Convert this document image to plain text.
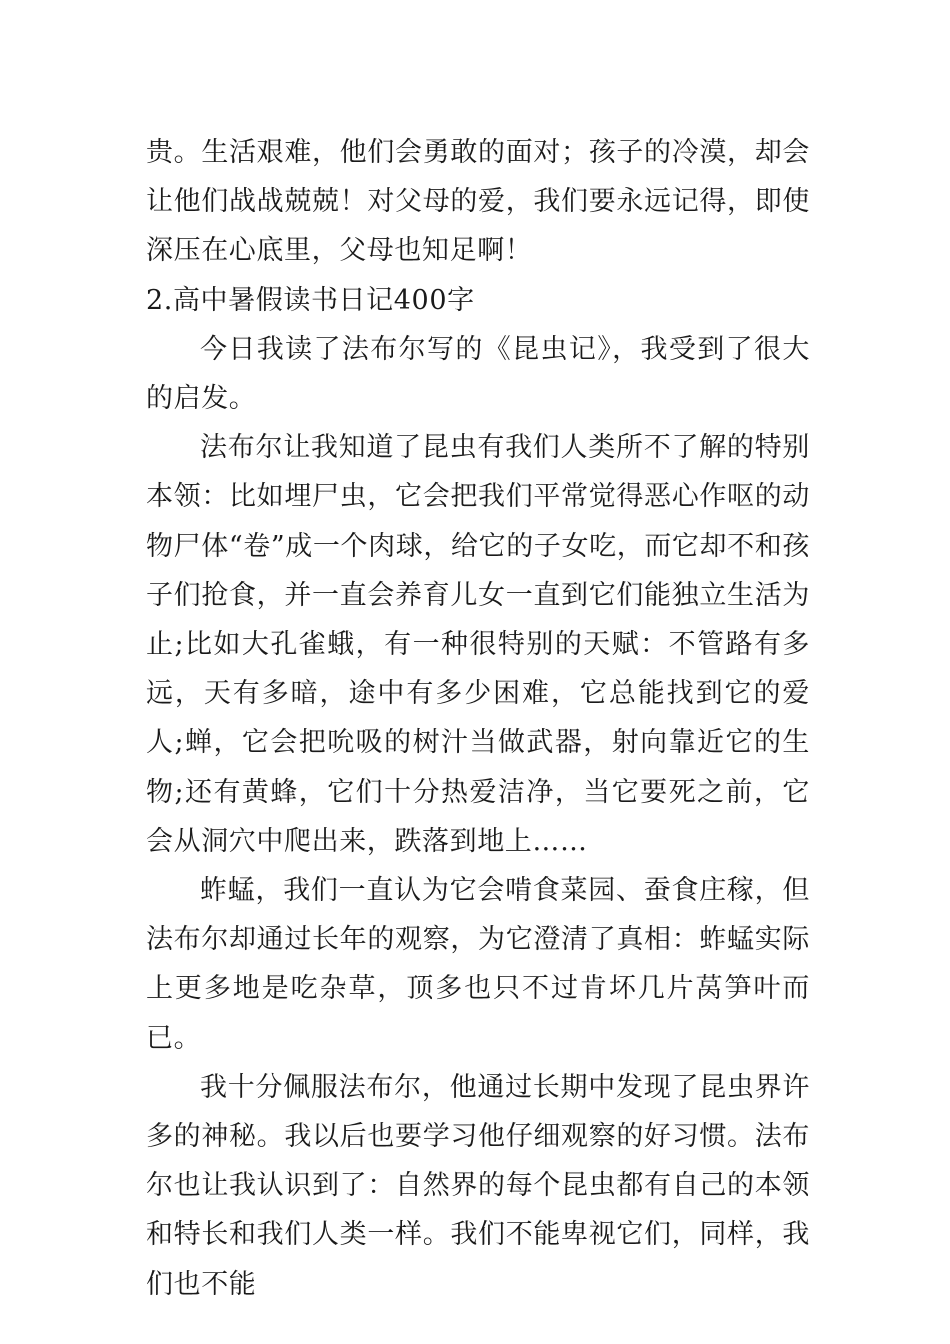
贵。生活艰难，他们会勇敢的面对；孩子的冷漠，却会让他们战战兢兢！对父母的爱，我们要永远记得，即使深压在心底里，父母也知足啊！

2.高中暑假读书日记400字

今日我读了法布尔写的《昆虫记》，我受到了很大的启发。

法布尔让我知道了昆虫有我们人类所不了解的特别本领：比如埋尸虫，它会把我们平常觉得恶心作呕的动物尸体“卷”成一个肉球，给它的子女吃，而它却不和孩子们抢食，并一直会养育儿女一直到它们能独立生活为止;比如大孔雀蛾，有一种很特别的天赋：不管路有多远，天有多暗，途中有多少困难，它总能找到它的爱人;蝉，它会把吮吸的树汁当做武器，射向靠近它的生物;还有黄蜂，它们十分热爱洁净，当它要死之前，它会从洞穴中爬出来，跌落到地上……

蚱蜢，我们一直认为它会啃食菜园、蚕食庄稼，但法布尔却通过长年的观察，为它澄清了真相：蚱蜢实际上更多地是吃杂草，顶多也只不过肯坏几片莴笋叶而已。

我十分佩服法布尔，他通过长期中发现了昆虫界许多的神秘。我以后也要学习他仔细观察的好习惯。法布尔也让我认识到了：自然界的每个昆虫都有自己的本领和特长和我们人类一样。我们不能卑视它们，同样，我们也不能
